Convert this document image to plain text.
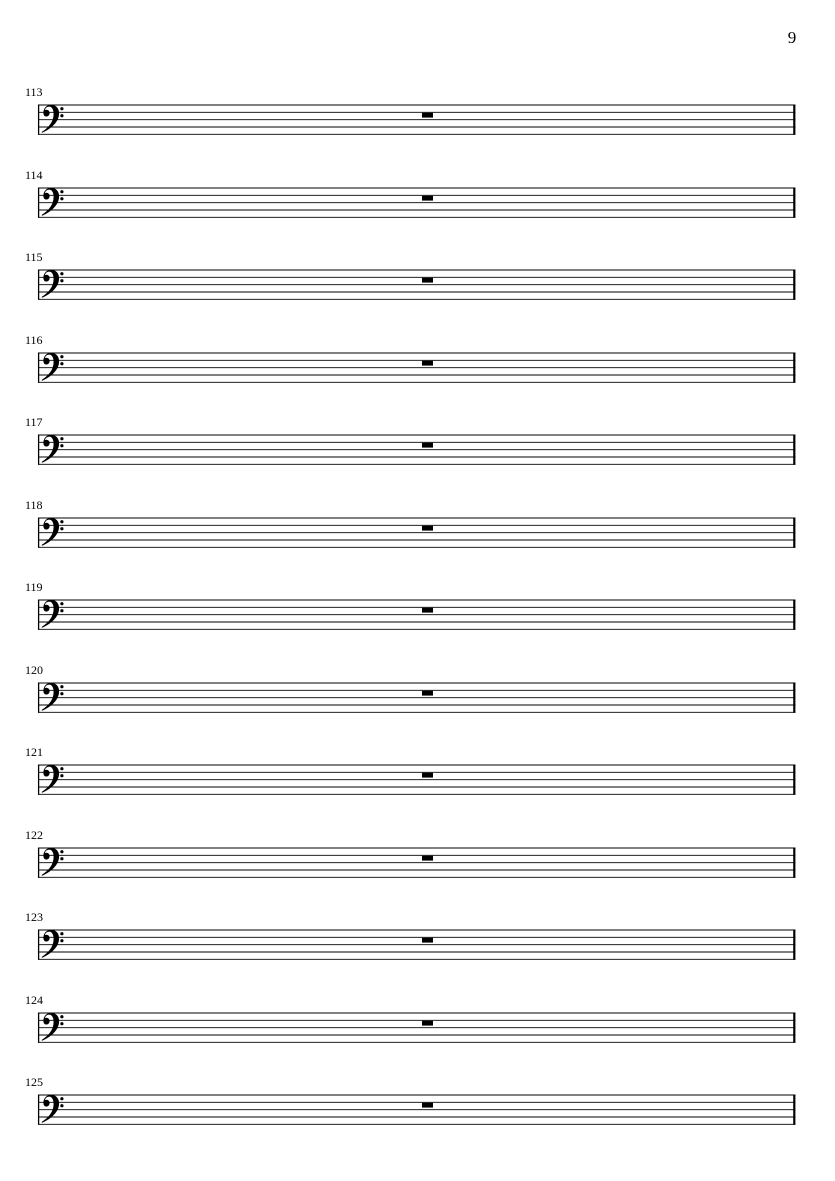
9
113
114
115
116
117
118
119
120
121
122
123
124
125
